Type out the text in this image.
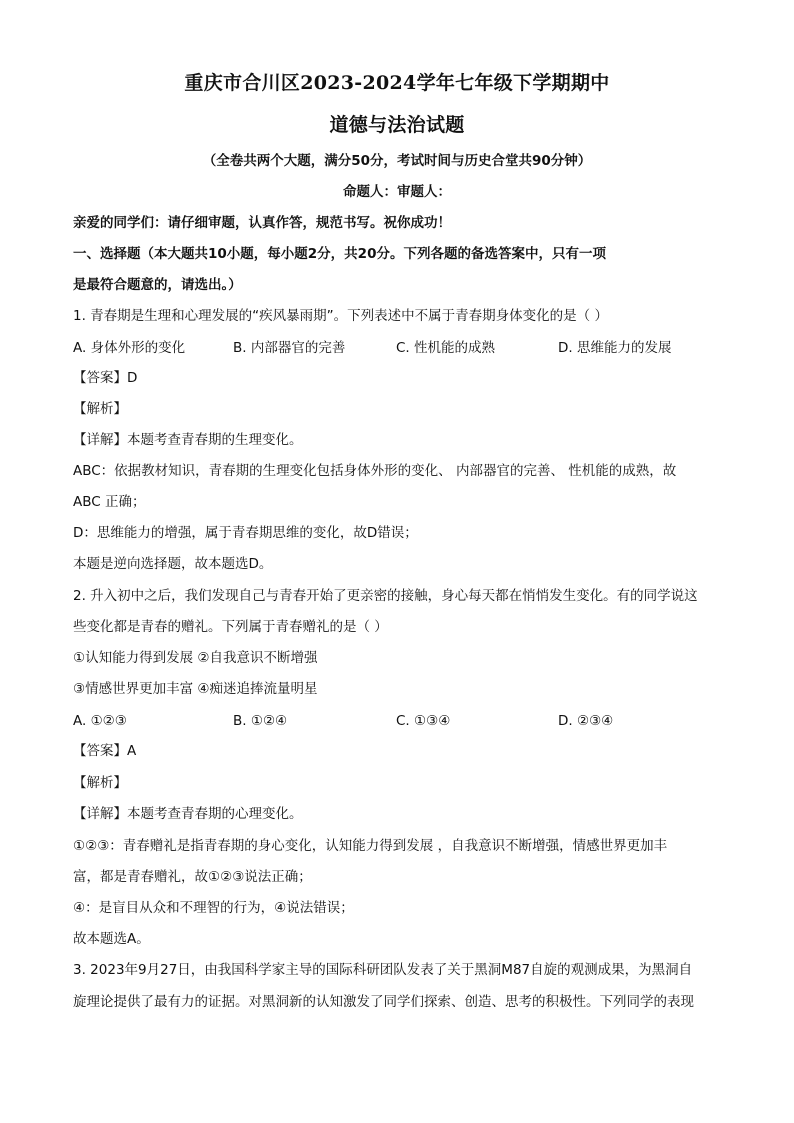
重庆市合川区2023-2024学年七年级下学期期中
道德与法治试题
（全卷共两个大题，满分50分，考试时间与历史合堂共90分钟）
命题人：审题人：
亲爱的同学们：请仔细审题，认真作答，规范书写。祝你成功！
一、选择题（本大题共10小题，每小题2分，共20分。下列各题的备选答案中，只有一项
是最符合题意的，请选出。）
1. 青春期是生理和心理发展的“疾风暴雨期”。下列表述中不属于青春期身体变化的是（ ）
A. 身体外形的变化	B. 内部器官的完善	C. 性机能的成熟	D. 思维能力的发展
【答案】D
【解析】
【详解】本题考查青春期的生理变化。
ABC：依据教材知识，青春期的生理变化包括身体外形的变化、 内部器官的完善、 性机能的成熟，故
ABC 正确；
D：思维能力的增强，属于青春期思维的变化，故D错误；
本题是逆向选择题，故本题选D。
2. 升入初中之后，我们发现自己与青春开始了更亲密的接触，身心每天都在悄悄发生变化。有的同学说这
些变化都是青春的赠礼。下列属于青春赠礼的是（ ）
①认知能力得到发展 ②自我意识不断增强
③情感世界更加丰富 ④痴迷追捧流量明星
A. ①②③	B. ①②④	C. ①③④	D. ②③④
【答案】A
【解析】
【详解】本题考查青春期的心理变化。
①②③：青春赠礼是指青春期的身心变化，认知能力得到发展 ，自我意识不断增强，情感世界更加丰
富，都是青春赠礼，故①②③说法正确；
④：是盲目从众和不理智的行为，④说法错误；
故本题选A。
3. 2023年9月27日，由我国科学家主导的国际科研团队发表了关于黑洞M87自旋的观测成果，为黑洞自
旋理论提供了最有力的证据。对黑洞新的认知激发了同学们探索、创造、思考的积极性。下列同学的表现
